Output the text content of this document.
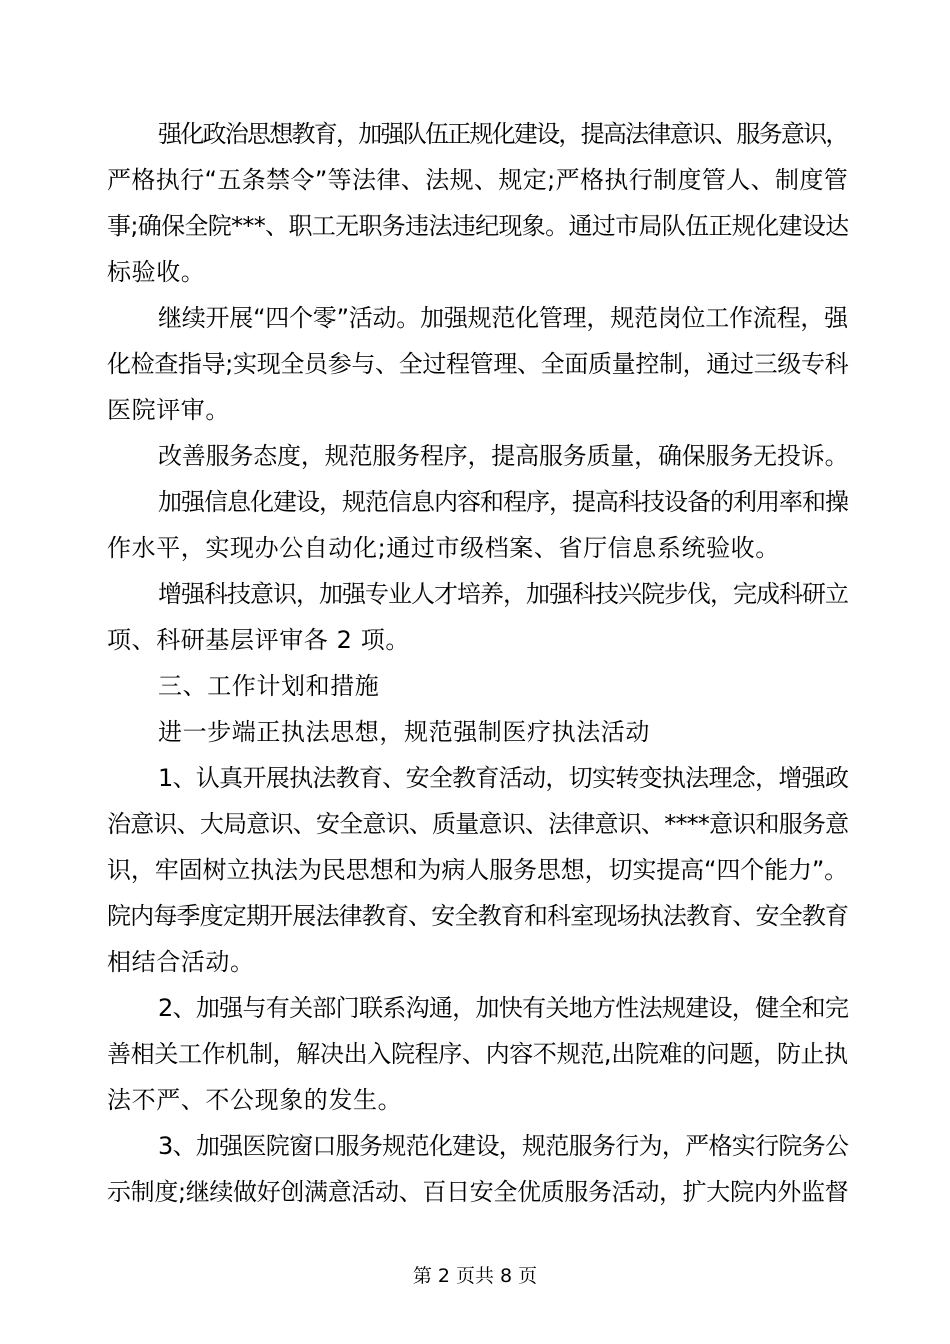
强化政治思想教育，加强队伍正规化建设，提高法律意识、服务意识，
严格执行“五条禁令”等法律、法规、规定;严格执行制度管人、制度管
事;确保全院***、职工无职务违法违纪现象。通过市局队伍正规化建设达
标验收。
继续开展“四个零”活动。加强规范化管理，规范岗位工作流程，强
化检查指导;实现全员参与、全过程管理、全面质量控制，通过三级专科
医院评审。
改善服务态度，规范服务程序，提高服务质量，确保服务无投诉。
加强信息化建设，规范信息内容和程序，提高科技设备的利用率和操
作水平，实现办公自动化;通过市级档案、省厅信息系统验收。
增强科技意识，加强专业人才培养，加强科技兴院步伐，完成科研立
项、科研基层评审各 2 项。
三、工作计划和措施
进一步端正执法思想，规范强制医疗执法活动
1、认真开展执法教育、安全教育活动，切实转变执法理念，增强政
治意识、大局意识、安全意识、质量意识、法律意识、****意识和服务意
识，牢固树立执法为民思想和为病人服务思想，切实提高“四个能力”。
院内每季度定期开展法律教育、安全教育和科室现场执法教育、安全教育
相结合活动。
2、加强与有关部门联系沟通，加快有关地方性法规建设，健全和完
善相关工作机制，解决出入院程序、内容不规范,出院难的问题，防止执
法不严、不公现象的发生。
3、加强医院窗口服务规范化建设，规范服务行为，严格实行院务公
示制度;继续做好创满意活动、百日安全优质服务活动，扩大院内外监督
第 2 页共 8 页
